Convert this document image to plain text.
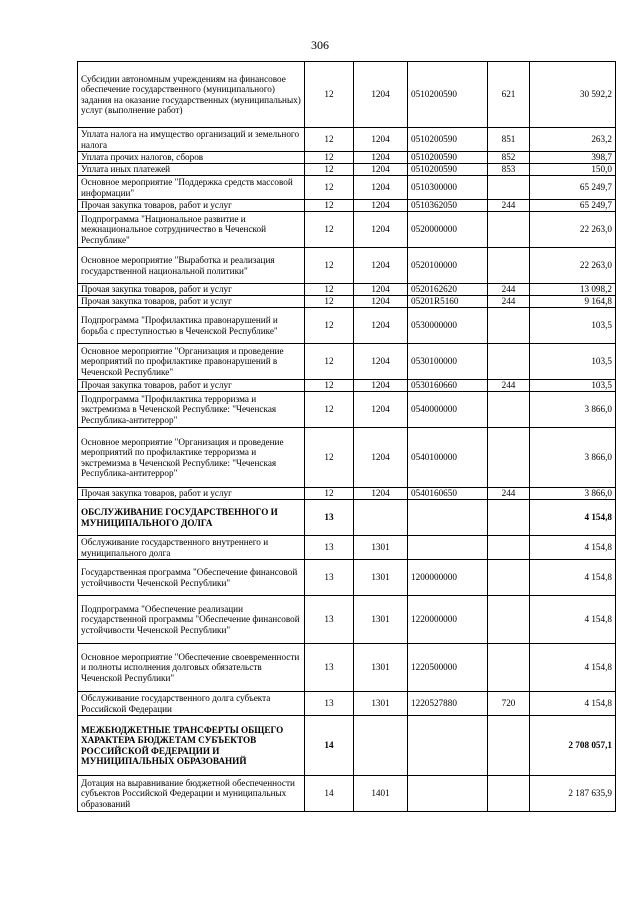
306
Субсидии автономным учреждениям на финансовое обеспечение государственного (муниципального) задания на оказание государственных (муниципальных) услуг (выполнение работ)	12	1204	0510200590	621	30 592,2
Уплата налога на имущество организаций и земельного налога	12	1204	0510200590	851	263,2
Уплата прочих налогов, сборов	12	1204	0510200590	852	398,7
Уплата иных платежей	12	1204	0510200590	853	150,0
Основное мероприятие "Поддержка средств массовой информации"	12	1204	0510300000		65 249,7
Прочая закупка товаров, работ и услуг	12	1204	0510362050	244	65 249,7
Подпрограмма "Национальное развитие и межнациональное сотрудничество в Чеченской Республике"	12	1204	0520000000		22 263,0
Основное мероприятие "Выработка и реализация государственной национальной политики"	12	1204	0520100000		22 263,0
Прочая закупка товаров, работ и услуг	12	1204	0520162620	244	13 098,2
Прочая закупка товаров, работ и услуг	12	1204	05201R5160	244	9 164,8
Подпрограмма "Профилактика правонарушений и борьба с преступностью в Чеченской Республике"	12	1204	0530000000		103,5
Основное мероприятие "Организация и проведение мероприятий по профилактике правонарушений в Чеченской Республике"	12	1204	0530100000		103,5
Прочая закупка товаров, работ и услуг	12	1204	0530160660	244	103,5
Подпрограмма "Профилактика терроризма и экстремизма в Чеченской Республике: "Чеченская Республика-антитеррор"	12	1204	0540000000		3 866,0
Основное мероприятие "Организация и проведение мероприятий по профилактике терроризма и экстремизма в Чеченской Республике: "Чеченская Республика-антитеррор"	12	1204	0540100000		3 866,0
Прочая закупка товаров, работ и услуг	12	1204	0540160650	244	3 866,0
ОБСЛУЖИВАНИЕ ГОСУДАРСТВЕННОГО И МУНИЦИПАЛЬНОГО ДОЛГА	13				4 154,8
Обслуживание государственного внутреннего и муниципального долга	13	1301			4 154,8
Государственная программа "Обеспечение финансовой устойчивости Чеченской Республики"	13	1301	1200000000		4 154,8
Подпрограмма "Обеспечение реализации государственной программы "Обеспечение финансовой устойчивости Чеченской Республики"	13	1301	1220000000		4 154,8
Основное мероприятие "Обеспечение своевременности и полноты исполнения долговых обязательств Чеченской Республики"	13	1301	1220500000		4 154,8
Обслуживание государственного долга субъекта Российской Федерации	13	1301	1220527880	720	4 154,8
МЕЖБЮДЖЕТНЫЕ ТРАНСФЕРТЫ ОБЩЕГО ХАРАКТЕРА БЮДЖЕТАМ СУБЪЕКТОВ РОССИЙСКОЙ ФЕДЕРАЦИИ И МУНИЦИПАЛЬНЫХ ОБРАЗОВАНИЙ	14				2 708 057,1
Дотация на выравнивание бюджетной обеспеченности субъектов Российской Федерации и муниципальных образований	14	1401			2 187 635,9
